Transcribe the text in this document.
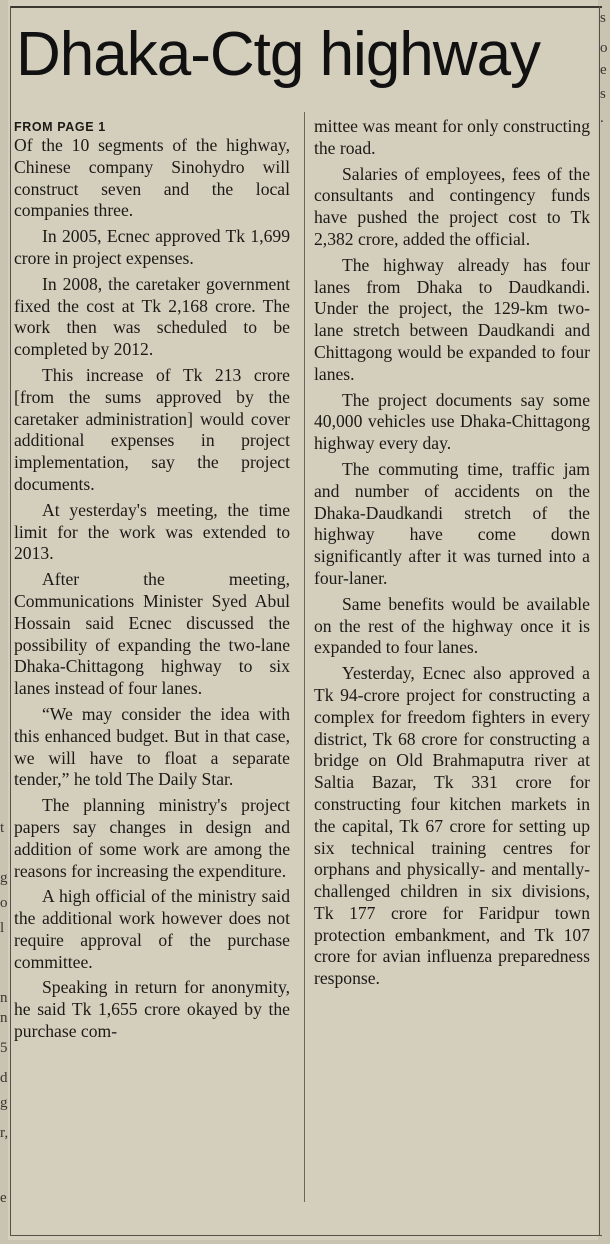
t
g
o
l
n
n
5
d
g
r,
e
s
o
e
s
.
Dhaka-Ctg highway
FROM PAGE 1

Of the 10 segments of the highway, Chinese company Sinohydro will construct seven and the local companies three.

In 2005, Ecnec approved Tk 1,699 crore in project expenses.

In 2008, the caretaker government fixed the cost at Tk 2,168 crore. The work then was scheduled to be completed by 2012.

This increase of Tk 213 crore [from the sums approved by the caretaker administration] would cover additional expenses in project implementation, say the project documents.

At yesterday's meeting, the time limit for the work was extended to 2013.

After the meeting, Communications Minister Syed Abul Hossain said Ecnec discussed the possibility of expanding the two-lane Dhaka-Chittagong highway to six lanes instead of four lanes.

“We may consider the idea with this enhanced budget. But in that case, we will have to float a separate tender,” he told The Daily Star.

The planning ministry's project papers say changes in design and addition of some work are among the reasons for increasing the expenditure.

A high official of the ministry said the additional work however does not require approval of the purchase committee.

Speaking in return for anonymity, he said Tk 1,655 crore okayed by the purchase com-

mittee was meant for only constructing the road.

Salaries of employees, fees of the consultants and contingency funds have pushed the project cost to Tk 2,382 crore, added the official.

The highway already has four lanes from Dhaka to Daudkandi. Under the project, the 129-km two-lane stretch between Daudkandi and Chittagong would be expanded to four lanes.

The project documents say some 40,000 vehicles use Dhaka-Chittagong highway every day.

The commuting time, traffic jam and number of accidents on the Dhaka-Daudkandi stretch of the highway have come down significantly after it was turned into a four-laner.

Same benefits would be available on the rest of the highway once it is expanded to four lanes.

Yesterday, Ecnec also approved a Tk 94-crore project for constructing a complex for freedom fighters in every district, Tk 68 crore for constructing a bridge on Old Brahmaputra river at Saltia Bazar, Tk 331 crore for constructing four kitchen markets in the capital, Tk 67 crore for setting up six technical training centres for orphans and physically- and mentally-challenged children in six divisions, Tk 177 crore for Faridpur town protection embankment, and Tk 107 crore for avian influenza preparedness response.
